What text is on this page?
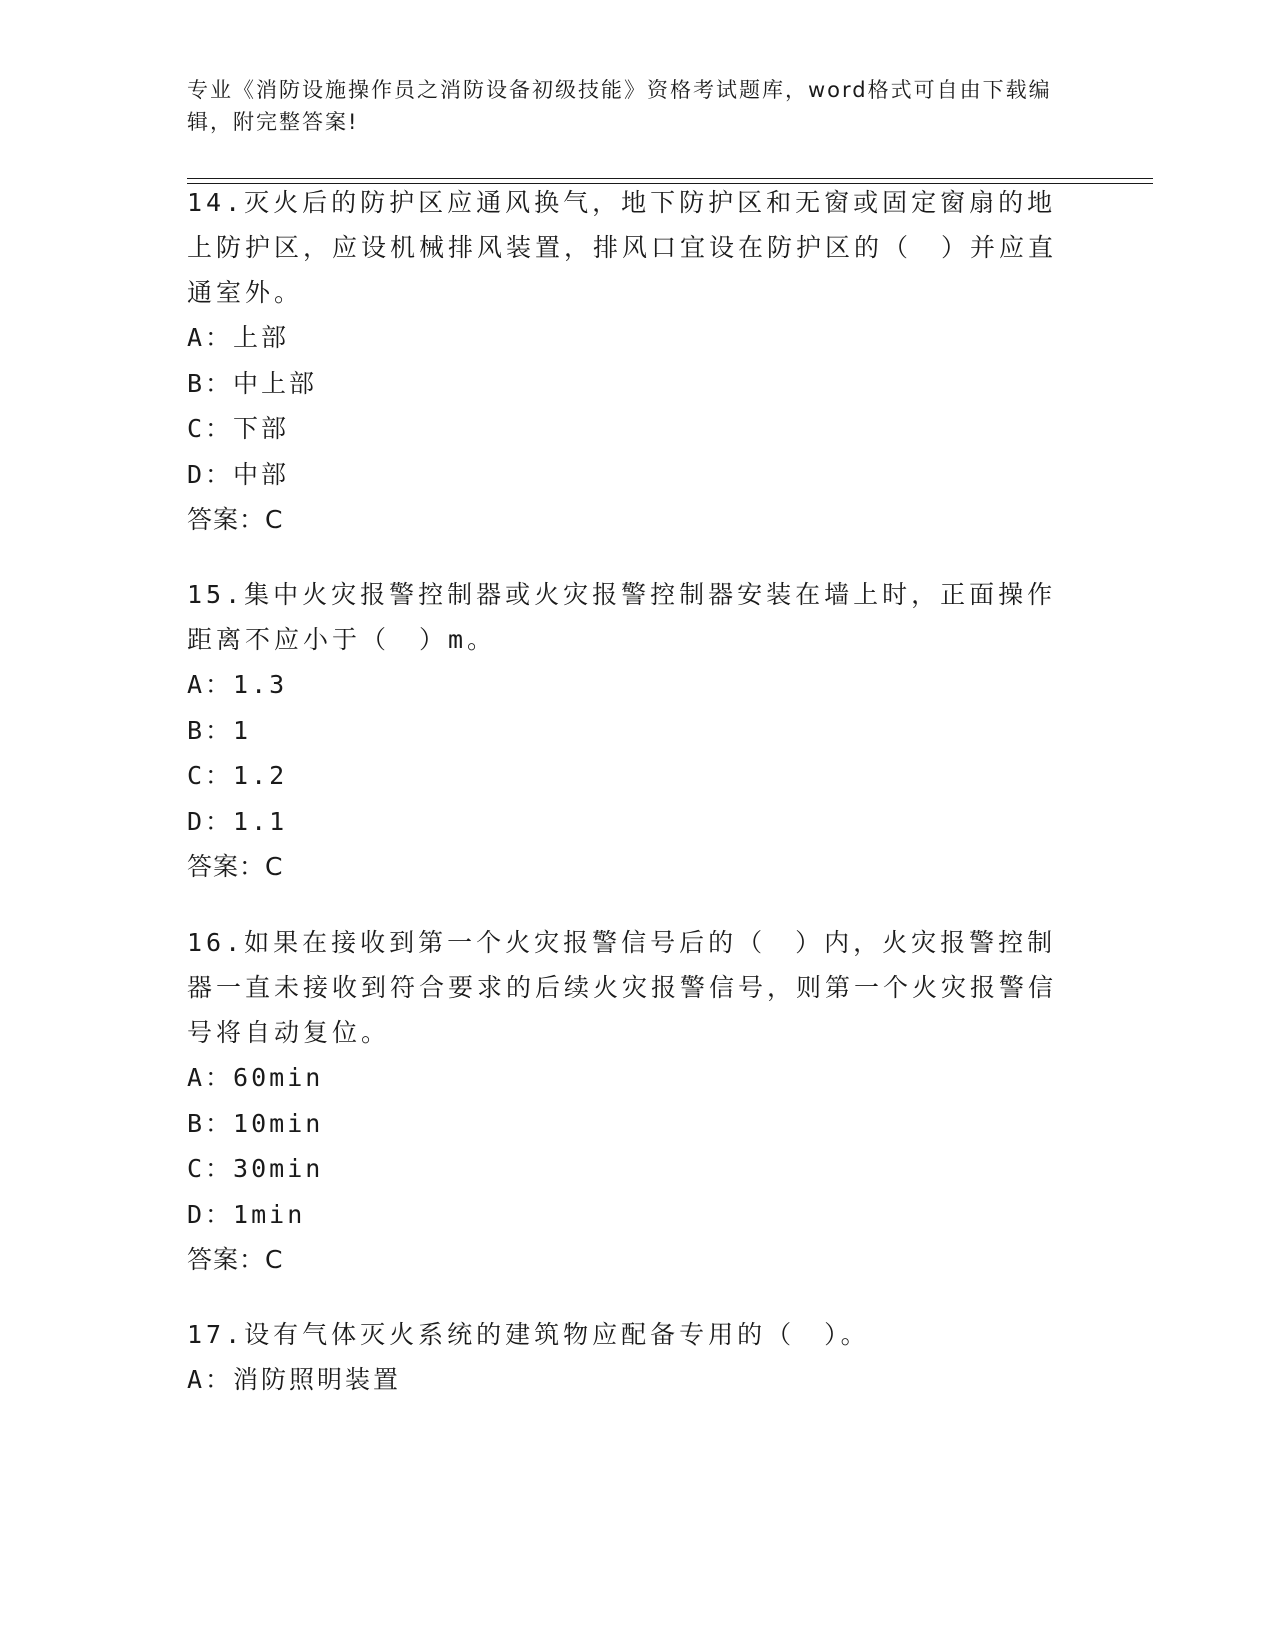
专业《消防设施操作员之消防设备初级技能》资格考试题库，word格式可自由下载编辑，附完整答案!

14.灭火后的防护区应通风换气，地下防护区和无窗或固定窗扇的地上防护区，应设机械排风装置，排风口宜设在防护区的（　）并应直通室外。

A：上部

B：中上部

C：下部

D：中部

答案：C

15.集中火灾报警控制器或火灾报警控制器安装在墙上时，正面操作距离不应小于（　）m。

A：1.3

B：1

C：1.2

D：1.1

答案：C

16.如果在接收到第一个火灾报警信号后的（　）内，火灾报警控制器一直未接收到符合要求的后续火灾报警信号，则第一个火灾报警信号将自动复位。

A：60min

B：10min

C：30min

D：1min

答案：C

17.设有气体灭火系统的建筑物应配备专用的（　）。

A：消防照明装置
